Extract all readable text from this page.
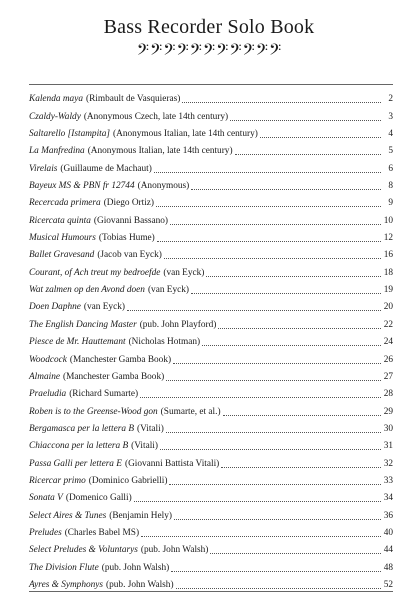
Bass Recorder Solo Book
𝄢𝄢𝄢𝄢𝄢𝄢𝄢𝄢𝄢𝄢𝄢
Kalenda maya (Rimbault de Vasquieras)	2
Czaldy-Waldy (Anonymous Czech, late 14th century)	3
Saltarello [Istampita] (Anonymous Italian, late 14th century)	4
La Manfredina (Anonymous Italian, late 14th century)	5
Virelais (Guillaume de Machaut)	6
Bayeux MS & PBN fr 12744 (Anonymous)	8
Recercada primera (Diego Ortiz)	9
Ricercata quinta (Giovanni Bassano)	10
Musical Humours (Tobias Hume)	12
Ballet Gravesand (Jacob van Eyck)	16
Courant, of Ach treut my bedroefde (van Eyck)	18
Wat zalmen op den Avond doen (van Eyck)	19
Doen Daphne (van Eyck)	20
The English Dancing Master (pub. John Playford)	22
Piesce de Mr. Hauttemant (Nicholas Hotman)	24
Woodcock (Manchester Gamba Book)	26
Almaine (Manchester Gamba Book)	27
Praeludia (Richard Sumarte)	28
Roben is to the Greense-Wood gon (Sumarte, et al.)	29
Bergamasca per la lettera B (Vitali)	30
Chiaccona per la lettera B (Vitali)	31
Passa Galli per lettera E (Giovanni Battista Vitali)	32
Ricercar primo (Dominico Gabrielli)	33
Sonata V (Domenico Galli)	34
Select Aires & Tunes (Benjamin Hely)	36
Preludes (Charles Babel MS)	40
Select Preludes & Voluntarys (pub. John Walsh)	44
The Division Flute (pub. John Walsh)	48
Ayres & Symphonys (pub. John Walsh)	52
